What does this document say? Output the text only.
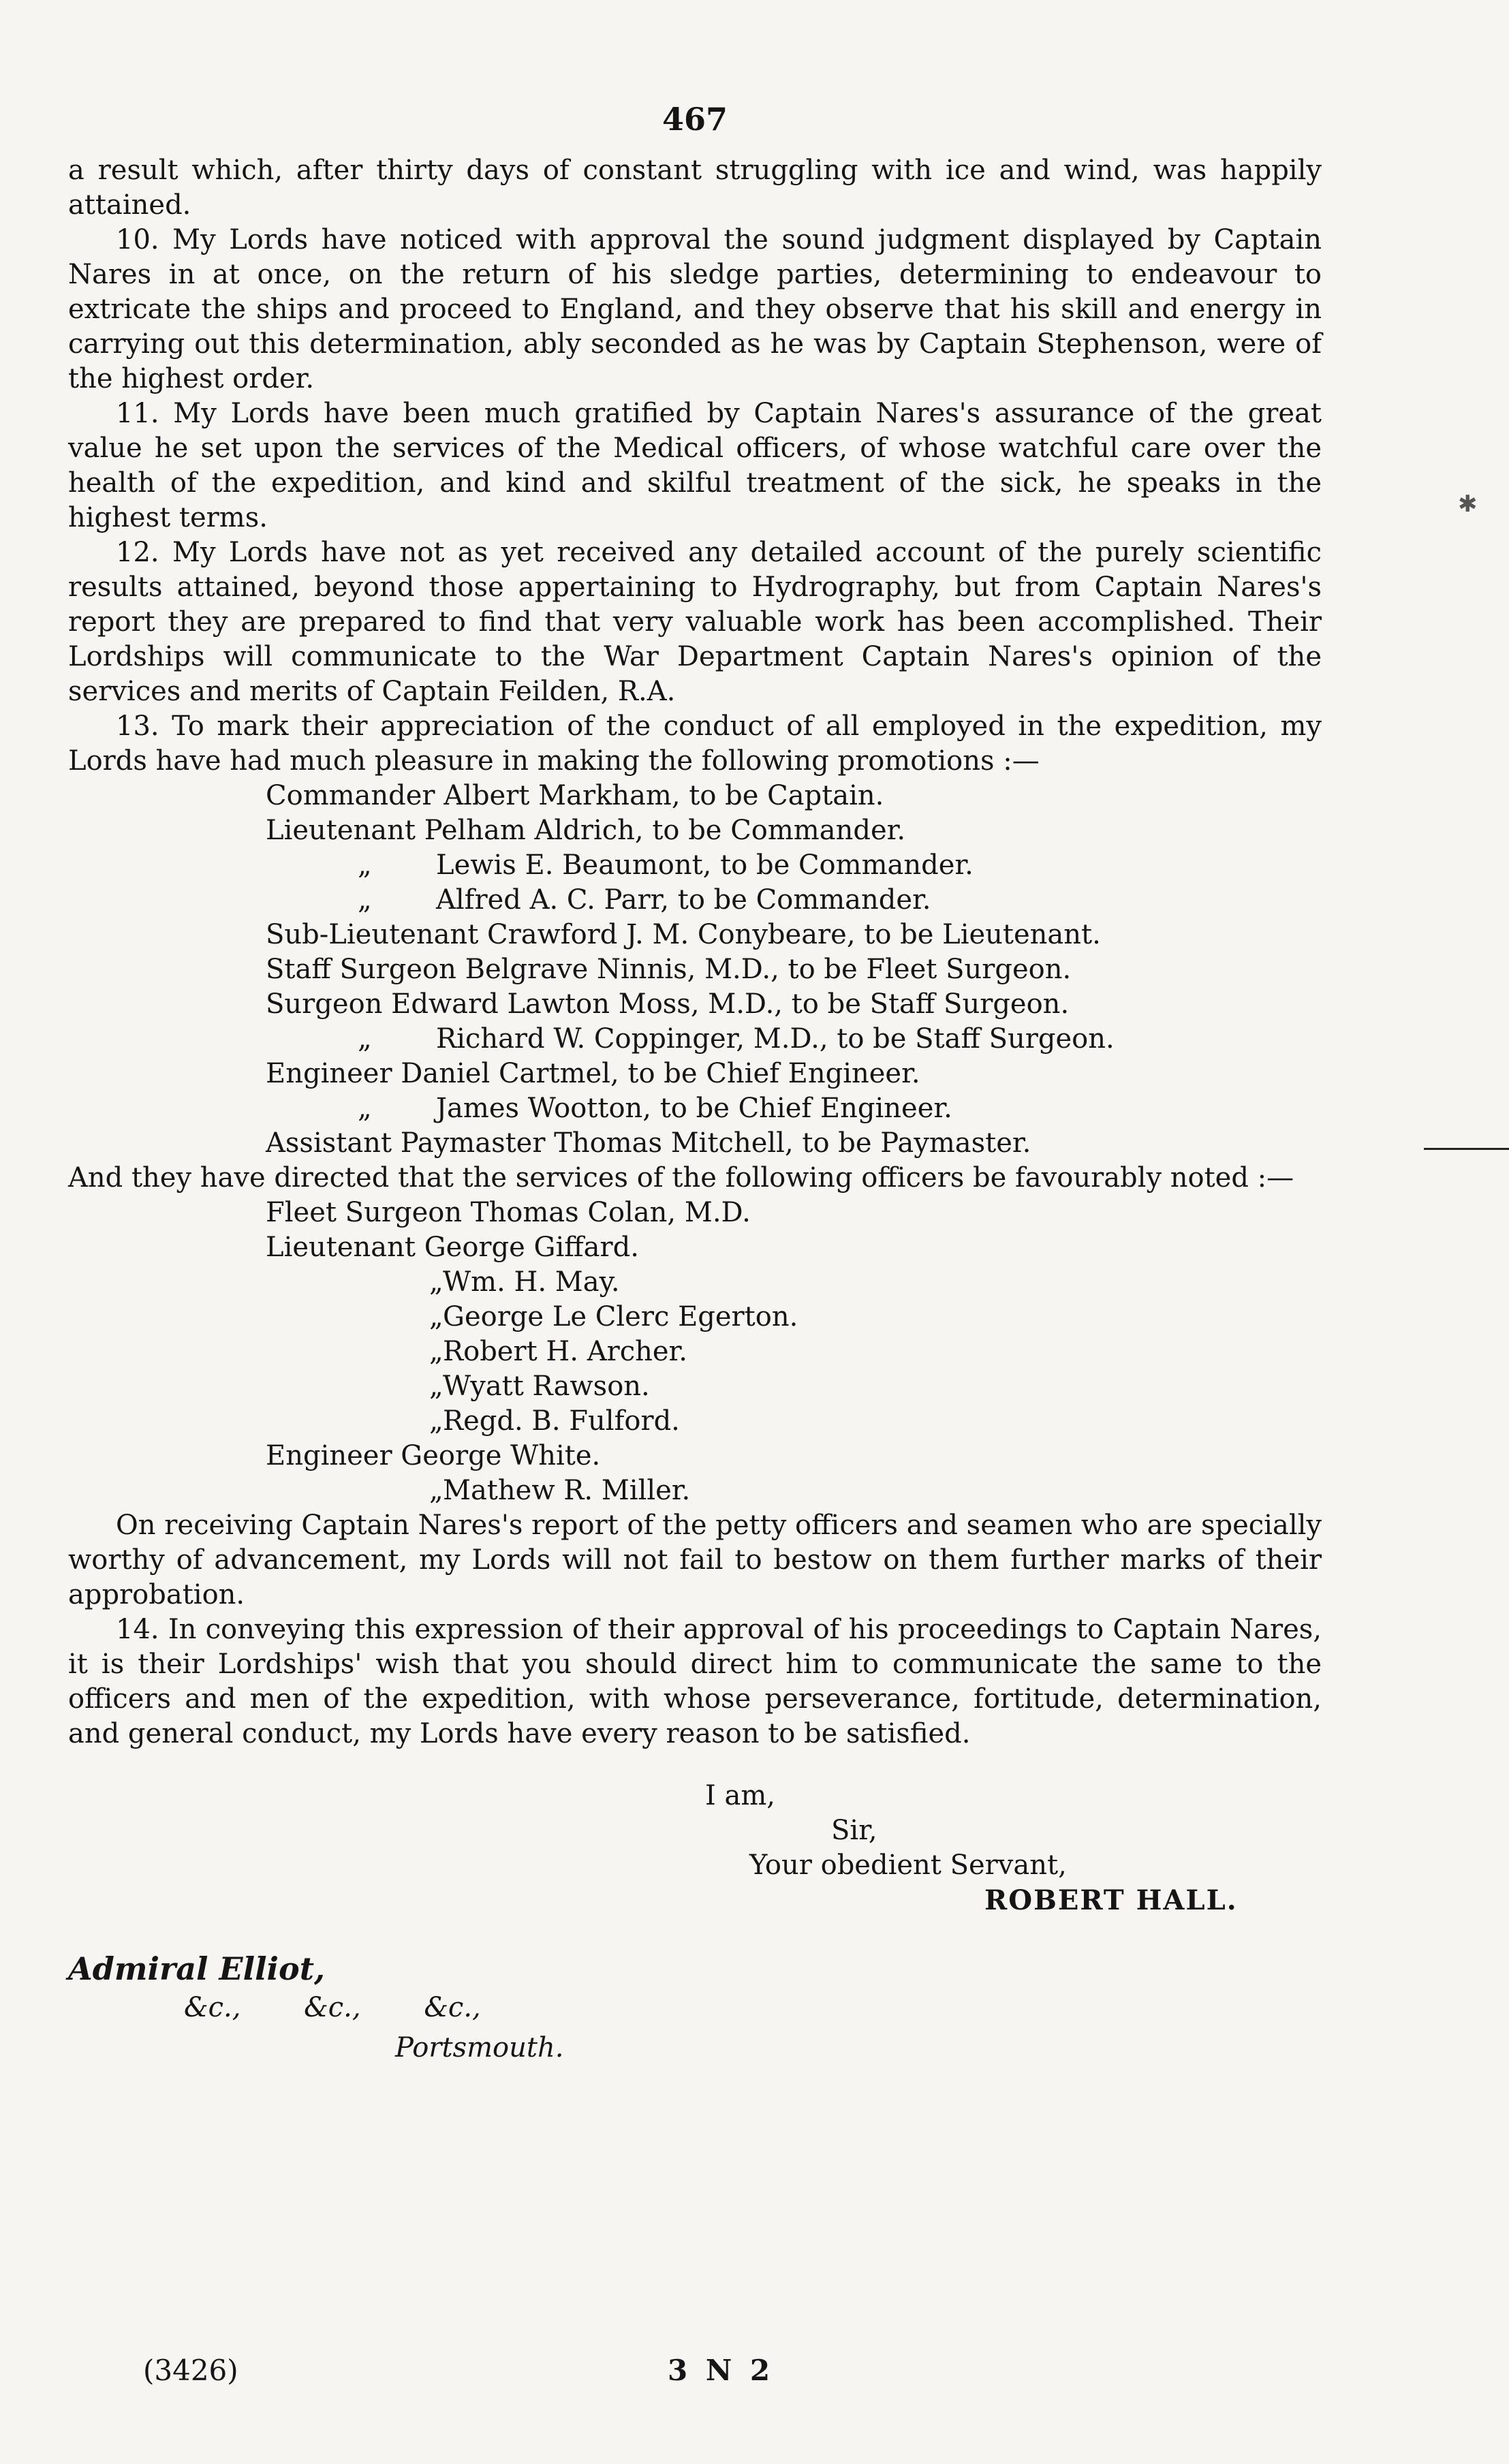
✱
467

a result which, after thirty days of constant struggling with ice and wind, was happily attained.

10. My Lords have noticed with approval the sound judgment displayed by Captain Nares in at once, on the return of his sledge parties, determining to endeavour to extricate the ships and proceed to England, and they observe that his skill and energy in carrying out this determination, ably seconded as he was by Captain Stephenson, were of the highest order.

11. My Lords have been much gratified by Captain Nares's assurance of the great value he set upon the services of the Medical officers, of whose watchful care over the health of the expedition, and kind and skilful treatment of the sick, he speaks in the highest terms.

12. My Lords have not as yet received any detailed account of the purely scientific results attained, beyond those appertaining to Hydrography, but from Captain Nares's report they are prepared to find that very valuable work has been accomplished. Their Lordships will communicate to the War Department Captain Nares's opinion of the services and merits of Captain Feilden, R.A.

13. To mark their appreciation of the conduct of all employed in the expedition, my Lords have had much pleasure in making the following promotions :—

Commander Albert Markham, to be Captain.
Lieutenant Pelham Aldrich, to be Commander.
„ Lewis E. Beaumont, to be Commander.
„ Alfred A. C. Parr, to be Commander.
Sub-Lieutenant Crawford J. M. Conybeare, to be Lieutenant.
Staff Surgeon Belgrave Ninnis, M.D., to be Fleet Surgeon.
Surgeon Edward Lawton Moss, M.D., to be Staff Surgeon.
„ Richard W. Coppinger, M.D., to be Staff Surgeon.
Engineer Daniel Cartmel, to be Chief Engineer.
„ James Wootton, to be Chief Engineer.
Assistant Paymaster Thomas Mitchell, to be Paymaster.

And they have directed that the services of the following officers be favourably noted :—

Fleet Surgeon Thomas Colan, M.D.
Lieutenant George Giffard.
„ Wm. H. May.
„ George Le Clerc Egerton.
„ Robert H. Archer.
„ Wyatt Rawson.
„ Regd. B. Fulford.
Engineer George White.
„ Mathew R. Miller.

On receiving Captain Nares's report of the petty officers and seamen who are specially worthy of advancement, my Lords will not fail to bestow on them further marks of their approbation.

14. In conveying this expression of their approval of his proceedings to Captain Nares, it is their Lordships' wish that you should direct him to communicate the same to the officers and men of the expedition, with whose perseverance, fortitude, determination, and general conduct, my Lords have every reason to be satisfied.

I am,

Sir,

Your obedient Servant,

ROBERT HALL.

Admiral Elliot,
&c., &c., &c.,
Portsmouth.
(3426)	3 N 2
